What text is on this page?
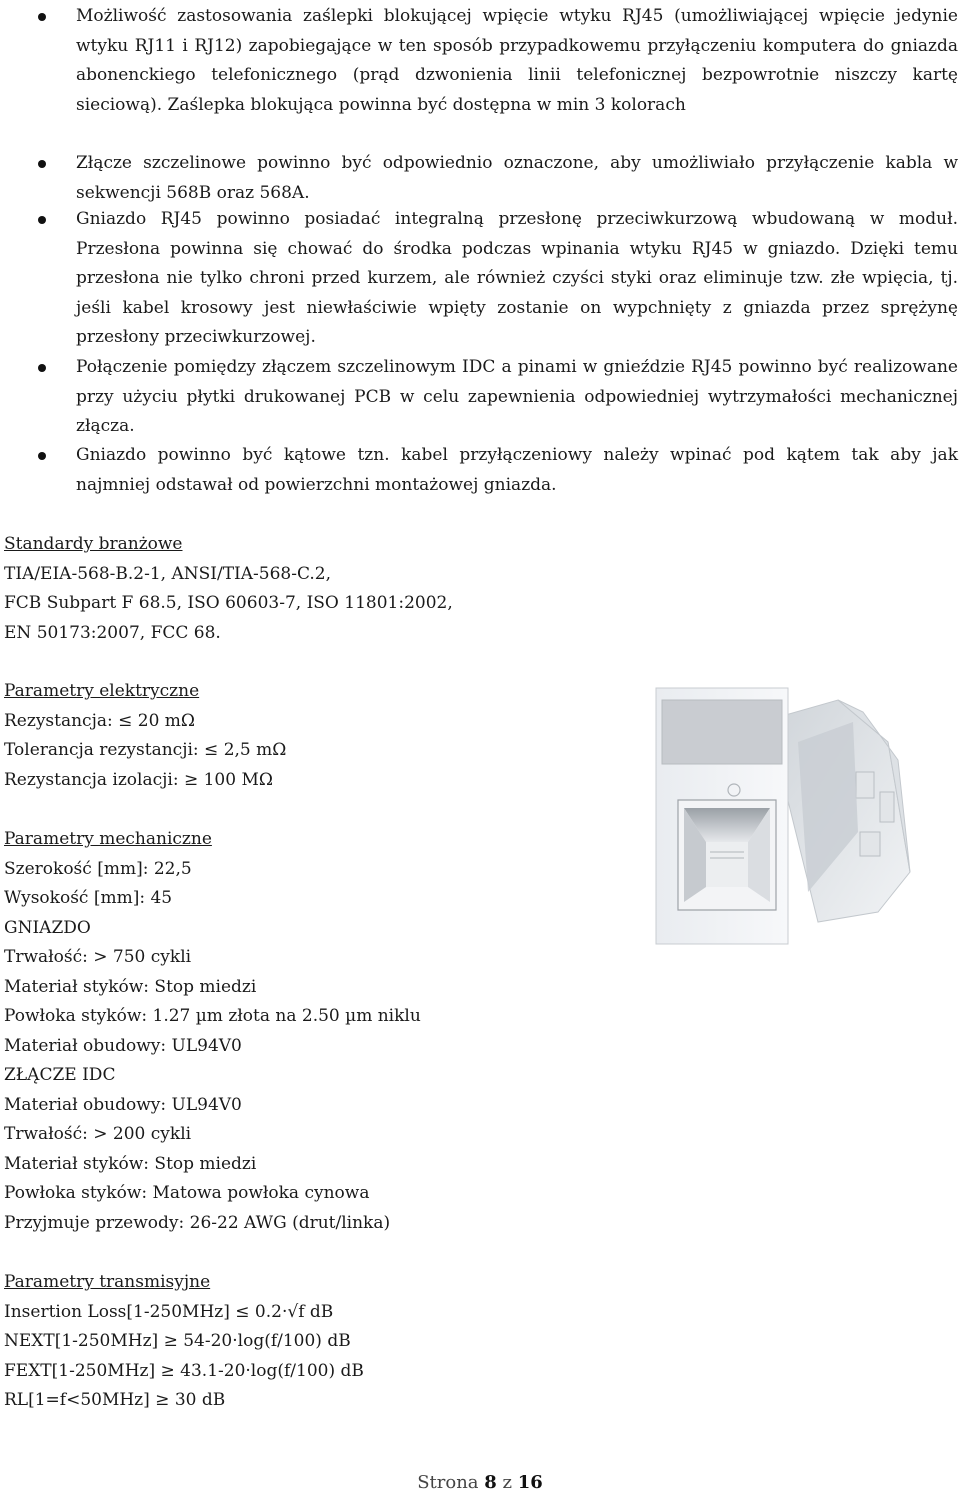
Możliwość zastosowania zaślepki blokującej wpięcie wtyku RJ45 (umożliwiającej wpięcie jedynie wtyku RJ11 i RJ12) zapobiegające w ten sposób przypadkowemu przyłączeniu komputera do gniazda abonenckiego telefonicznego (prąd dzwonienia linii telefonicznej bezpowrotnie niszczy kartę sieciową). Zaślepka blokująca powinna być dostępna w min 3 kolorach
Złącze szczelinowe powinno być odpowiednio oznaczone, aby umożliwiało przyłączenie kabla w sekwencji 568B oraz 568A.
Gniazdo RJ45 powinno posiadać integralną przesłonę przeciwkurzową wbudowaną w moduł. Przesłona powinna się chować do środka podczas wpinania wtyku RJ45 w gniazdo. Dzięki temu przesłona nie tylko chroni przed kurzem, ale również czyści styki oraz eliminuje tzw. złe wpięcia, tj. jeśli kabel krosowy jest niewłaściwie wpięty zostanie on wypchnięty z gniazda przez sprężynę przesłony przeciwkurzowej.
Połączenie pomiędzy złączem szczelinowym IDC a pinami w gnieździe RJ45 powinno być realizowane przy użyciu płytki drukowanej PCB w celu zapewnienia odpowiedniej wytrzymałości mechanicznej złącza.
Gniazdo powinno być kątowe tzn. kabel przyłączeniowy należy wpinać pod kątem tak aby jak najmniej odstawał od powierzchni montażowej gniazda.
Standardy branżowe
TIA/EIA-568-B.2-1, ANSI/TIA-568-C.2,
FCB Subpart F 68.5, ISO 60603-7, ISO 11801:2002,
EN 50173:2007, FCC 68.
Parametry elektryczne
Rezystancja: ≤ 20 mΩ
Tolerancja rezystancji: ≤ 2,5 mΩ
Rezystancja izolacji: ≥ 100 MΩ
Parametry mechaniczne
Szerokość [mm]: 22,5
Wysokość [mm]: 45
GNIAZDO
Trwałość: > 750 cykli
Materiał styków: Stop miedzi
Powłoka styków: 1.27 µm złota na 2.50 µm niklu
Materiał obudowy: UL94V0
ZŁĄCZE IDC
Materiał obudowy: UL94V0
Trwałość: > 200 cykli
Materiał styków: Stop miedzi
Powłoka styków: Matowa powłoka cynowa
Przyjmuje przewody: 26-22 AWG (drut/linka)
Parametry transmisyjne
Insertion Loss[1-250MHz] ≤ 0.2·√f dB
NEXT[1-250MHz] ≥ 54-20·log(f/100) dB
FEXT[1-250MHz] ≥ 43.1-20·log(f/100) dB
RL[1=f<50MHz] ≥ 30 dB
Strona 8 z 16
